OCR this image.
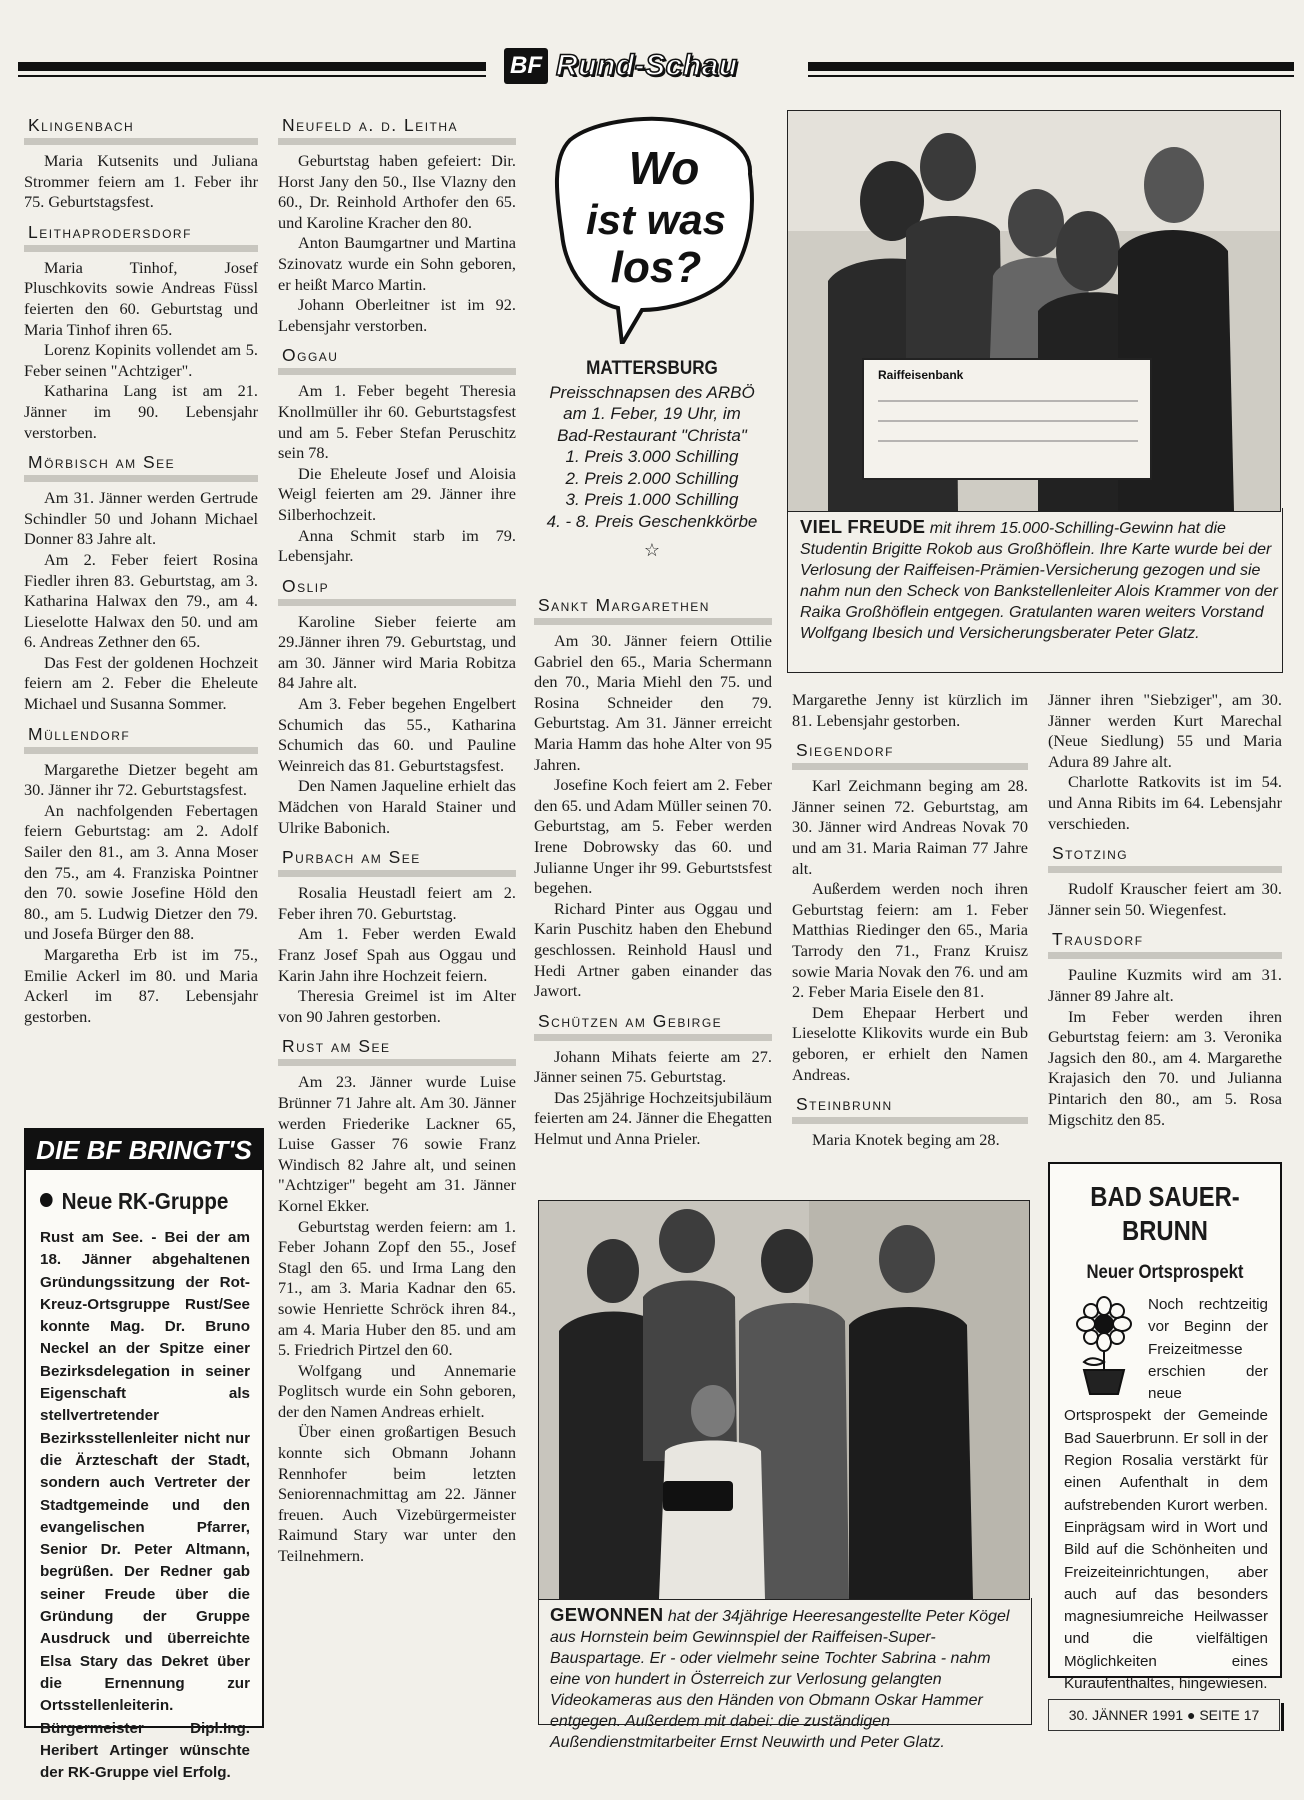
BF Rund-Schau
Klingenbach

Maria Kutsenits und Juliana Strommer feiern am 1. Feber ihr 75. Geburtstagsfest.

Leithaprodersdorf

Maria Tinhof, Josef Pluschkovits sowie Andreas Füssl feierten den 60. Geburtstag und Maria Tinhof ihren 65.

Lorenz Kopinits vollendet am 5. Feber seinen "Achtziger".

Katharina Lang ist am 21. Jänner im 90. Lebensjahr verstorben.

Mörbisch am See

Am 31. Jänner werden Gertrude Schindler 50 und Johann Michael Donner 83 Jahre alt.

Am 2. Feber feiert Rosina Fiedler ihren 83. Geburtstag, am 3. Katharina Halwax den 79., am 4. Lieselotte Halwax den 50. und am 6. Andreas Zethner den 65.

Das Fest der goldenen Hochzeit feiern am 2. Feber die Eheleute Michael und Susanna Sommer.

Müllendorf

Margarethe Dietzer begeht am 30. Jänner ihr 72. Geburtstagsfest.

An nachfolgenden Febertagen feiern Geburtstag: am 2. Adolf Sailer den 81., am 3. Anna Moser den 75., am 4. Franziska Pointner den 70. sowie Josefine Höld den 80., am 5. Ludwig Dietzer den 79. und Josefa Bürger den 88.

Margaretha Erb ist im 75., Emilie Ackerl im 80. und Maria Ackerl im 87. Lebensjahr gestorben.

DIE BF BRINGT'S
Neue RK-Gruppe
Rust am See. - Bei der am 18. Jänner abgehaltenen Gründungssitzung der Rot-Kreuz-Ortsgruppe Rust/See konnte Mag. Dr. Bruno Neckel an der Spitze einer Bezirksdelegation in seiner Eigenschaft als stellvertretender Bezirksstellenleiter nicht nur die Ärzteschaft der Stadt, sondern auch Vertreter der Stadtgemeinde und den evangelischen Pfarrer, Senior Dr. Peter Altmann, begrüßen. Der Redner gab seiner Freude über die Gründung der Gruppe Ausdruck und überreichte Elsa Stary das Dekret über die Ernennung zur Ortsstellenleiterin. Bürgermeister Dipl.Ing. Heribert Artinger wünschte der RK-Gruppe viel Erfolg.
Neufeld a. d. Leitha

Geburtstag haben gefeiert: Dir. Horst Jany den 50., Ilse Vlazny den 60., Dr. Reinhold Arthofer den 65. und Karoline Kracher den 80.

Anton Baumgartner und Martina Szinovatz wurde ein Sohn geboren, er heißt Marco Martin.

Johann Oberleitner ist im 92. Lebensjahr verstorben.

Oggau

Am 1. Feber begeht Theresia Knollmüller ihr 60. Geburtstagsfest und am 5. Feber Stefan Peruschitz sein 78.

Die Eheleute Josef und Aloisia Weigl feierten am 29. Jänner ihre Silberhochzeit.

Anna Schmit starb im 79. Lebensjahr.

Oslip

Karoline Sieber feierte am 29.Jänner ihren 79. Geburtstag, und am 30. Jänner wird Maria Robitza 84 Jahre alt.

Am 3. Feber begehen Engelbert Schumich das 55., Katharina Schumich das 60. und Pauline Weinreich das 81. Geburtstagsfest.

Den Namen Jaqueline erhielt das Mädchen von Harald Stainer und Ulrike Babonich.

Purbach am See

Rosalia Heustadl feiert am 2. Feber ihren 70. Geburtstag.

Am 1. Feber werden Ewald Franz Josef Spah aus Oggau und Karin Jahn ihre Hochzeit feiern.

Theresia Greimel ist im Alter von 90 Jahren gestorben.

Rust am See

Am 23. Jänner wurde Luise Brünner 71 Jahre alt. Am 30. Jänner werden Friederike Lackner 65, Luise Gasser 76 sowie Franz Windisch 82 Jahre alt, und seinen "Achtziger" begeht am 31. Jänner Kornel Ekker.

Geburtstag werden feiern: am 1. Feber Johann Zopf den 55., Josef Stagl den 65. und Irma Lang den 71., am 3. Maria Kadnar den 65. sowie Henriette Schröck ihren 84., am 4. Maria Huber den 85. und am 5. Friedrich Pirtzel den 60.

Wolfgang und Annemarie Poglitsch wurde ein Sohn geboren, der den Namen Andreas erhielt.

Über einen großartigen Besuch konnte sich Obmann Johann Rennhofer beim letzten Seniorennachmittag am 22. Jänner freuen. Auch Vizebürgermeister Raimund Stary war unter den Teilnehmern.

Wo
ist was
los?
MATTERSBURG
Preisschnapsen des ARBÖ
am 1. Feber, 19 Uhr, im
Bad-Restaurant "Christa"
1. Preis 3.000 Schilling
2. Preis 2.000 Schilling
3. Preis 1.000 Schilling
4. - 8. Preis Geschenkkörbe
☆
Sankt Margarethen

Am 30. Jänner feiern Ottilie Gabriel den 65., Maria Schermann den 70., Maria Miehl den 75. und Rosina Schneider den 79. Geburtstag. Am 31. Jänner erreicht Maria Hamm das hohe Alter von 95 Jahren.

Josefine Koch feiert am 2. Feber den 65. und Adam Müller seinen 70. Geburtstag, am 5. Feber werden Irene Dobrowsky das 60. und Julianne Unger ihr 99. Geburtstsfest begehen.

Richard Pinter aus Oggau und Karin Puschitz haben den Ehebund geschlossen. Reinhold Hausl und Hedi Artner gaben einander das Jawort.

Schützen am Gebirge

Johann Mihats feierte am 27. Jänner seinen 75. Geburtstag.

Das 25jährige Hochzeitsjubiläum feierten am 24. Jänner die Ehegatten Helmut und Anna Prieler.

Raiffeisenbank
VIEL FREUDE mit ihrem 15.000-Schilling-Gewinn hat die Studentin Brigitte Rokob aus Großhöflein. Ihre Karte wurde bei der Verlosung der Raiffeisen-Prämien-Versicherung gezogen und sie nahm nun den Scheck von Bankstellenleiter Alois Krammer von der Raika Großhöflein entgegen. Gratulanten waren weiters Vorstand Wolfgang Ibesich und Versicherungsberater Peter Glatz.

Margarethe Jenny ist kürzlich im 81. Lebensjahr gestorben.

Siegendorf

Karl Zeichmann beging am 28. Jänner seinen 72. Geburtstag, am 30. Jänner wird Andreas Novak 70 und am 31. Maria Raiman 77 Jahre alt.

Außerdem werden noch ihren Geburtstag feiern: am 1. Feber Matthias Riedinger den 65., Maria Tarrody den 71., Franz Kruisz sowie Maria Novak den 76. und am 2. Feber Maria Eisele den 81.

Dem Ehepaar Herbert und Lieselotte Klikovits wurde ein Bub geboren, er erhielt den Namen Andreas.

Steinbrunn

Maria Knotek beging am 28.

Jänner ihren "Siebziger", am 30. Jänner werden Kurt Marechal (Neue Siedlung) 55 und Maria Adura 89 Jahre alt.

Charlotte Ratkovits ist im 54. und Anna Ribits im 64. Lebensjahr verschieden.

Stotzing

Rudolf Krauscher feiert am 30. Jänner sein 50. Wiegenfest.

Trausdorf

Pauline Kuzmits wird am 31. Jänner 89 Jahre alt.

Im Feber werden ihren Geburtstag feiern: am 3. Veronika Jagsich den 80., am 4. Margarethe Krajasich den 70. und Julianna Pintarich den 80., am 5. Rosa Migschitz den 85.

GEWONNEN hat der 34jährige Heeresangestellte Peter Kögel aus Hornstein beim Gewinnspiel der Raiffeisen-Super-Bauspartage. Er - oder vielmehr seine Tochter Sabrina - nahm eine von hundert in Österreich zur Verlosung gelangten Videokameras aus den Händen von Obmann Oskar Hammer entgegen. Außerdem mit dabei: die zuständigen Außendienstmitarbeiter Ernst Neuwirth und Peter Glatz.
BAD SAUER-
BRUNN
Neuer Ortsprospekt
Noch rechtzeitig vor Beginn der Freizeitmesse erschien der neue Ortsprospekt der Gemeinde Bad Sauerbrunn. Er soll in der Region Rosalia verstärkt für einen Aufenthalt in dem aufstrebenden Kurort werben. Einprägsam wird in Wort und Bild auf die Schönheiten und Freizeiteinrichtungen, aber auch auf das besonders magnesiumreiche Heilwasser und die vielfältigen Möglichkeiten eines Kuraufenthaltes, hingewiesen.
30. JÄNNER 1991 ● SEITE 17
